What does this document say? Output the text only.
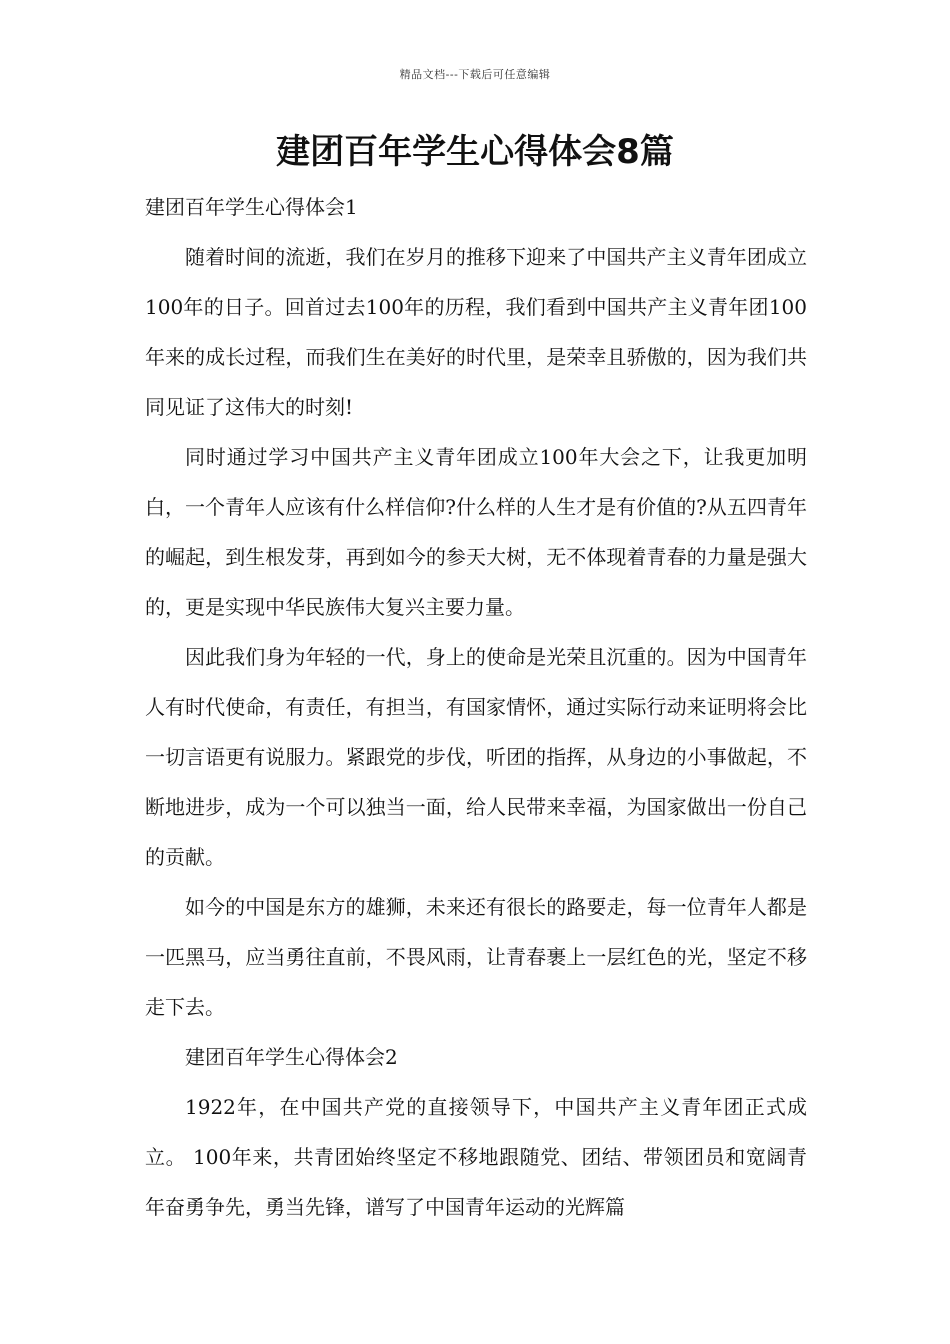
精品文档---下载后可任意编辑
建团百年学生心得体会8篇

建团百年学生心得体会1

随着时间的流逝，我们在岁月的推移下迎来了中国共产主义青年团成立100年的日子。回首过去100年的历程，我们看到中国共产主义青年团100年来的成长过程，而我们生在美好的时代里，是荣幸且骄傲的，因为我们共同见证了这伟大的时刻!

同时通过学习中国共产主义青年团成立100年大会之下，让我更加明白，一个青年人应该有什么样信仰?什么样的人生才是有价值的?从五四青年的崛起，到生根发芽，再到如今的参天大树，无不体现着青春的力量是强大的，更是实现中华民族伟大复兴主要力量。

因此我们身为年轻的一代，身上的使命是光荣且沉重的。因为中国青年人有时代使命，有责任，有担当，有国家情怀，通过实际行动来证明将会比一切言语更有说服力。紧跟党的步伐，听团的指挥，从身边的小事做起，不断地进步，成为一个可以独当一面，给人民带来幸福，为国家做出一份自己的贡献。

如今的中国是东方的雄狮，未来还有很长的路要走，每一位青年人都是一匹黑马，应当勇往直前，不畏风雨，让青春裹上一层红色的光，坚定不移走下去。

建团百年学生心得体会2

1922年，在中国共产党的直接领导下，中国共产主义青年团正式成立。 100年来，共青团始终坚定不移地跟随党、团结、带领团员和宽阔青年奋勇争先，勇当先锋，谱写了中国青年运动的光辉篇
